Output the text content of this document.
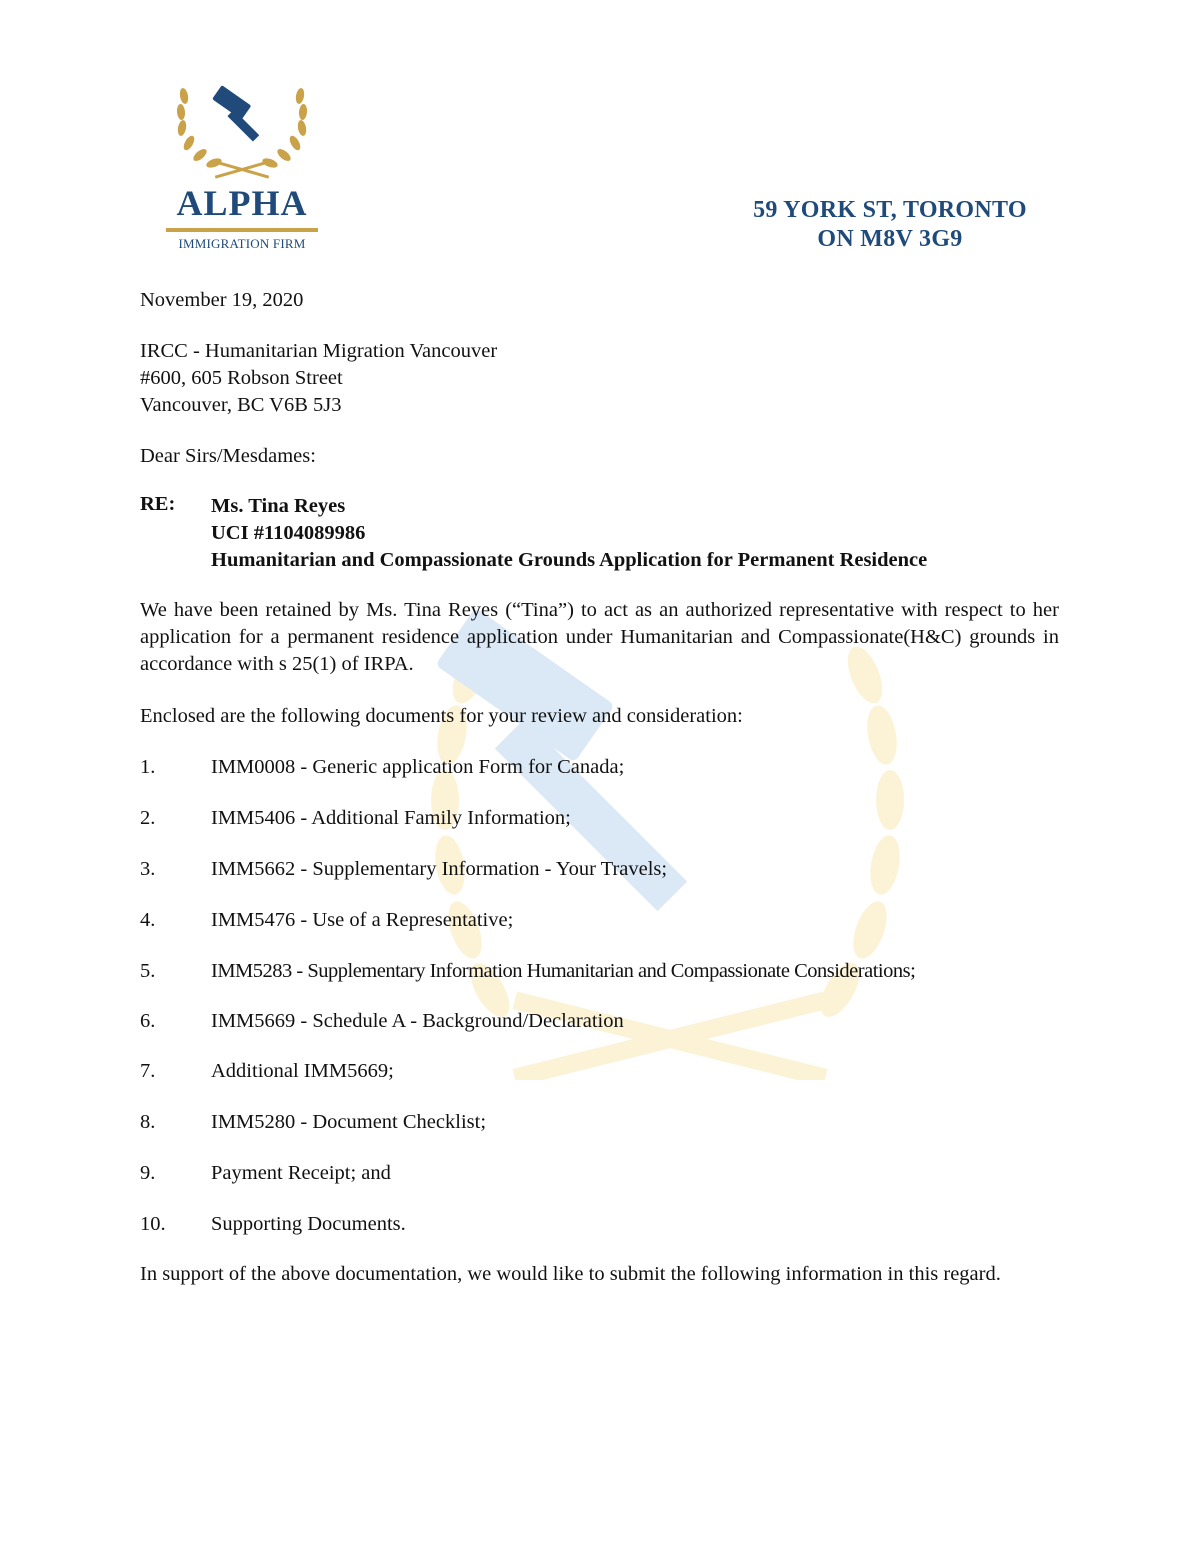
ALPHA
IMMIGRATION FIRM
59 YORK ST, TORONTO
ON M8V 3G9
November 19, 2020
IRCC - Humanitarian Migration Vancouver
#600, 605 Robson Street
Vancouver, BC V6B 5J3
Dear Sirs/Mesdames:
RE: Ms. Tina Reyes
UCI #1104089986
Humanitarian and Compassionate Grounds Application for Permanent Residence
We have been retained by Ms. Tina Reyes (“Tina”) to act as an authorized representative with respect to her application for a permanent residence application under Humanitarian and Compassionate(H&C) grounds in accordance with s 25(1) of IRPA.
Enclosed are the following documents for your review and consideration:
1.	IMM0008 - Generic application Form for Canada;
2.	IMM5406 - Additional Family Information;
3.	IMM5662 - Supplementary Information - Your Travels;
4.	IMM5476 - Use of a Representative;
5.	IMM5283 - Supplementary Information Humanitarian and Compassionate Considerations;
6.	IMM5669 - Schedule A - Background/Declaration
7.	Additional IMM5669;
8.	IMM5280 - Document Checklist;
9.	Payment Receipt; and
10. Supporting Documents.
In support of the above documentation, we would like to submit the following information in this regard.
